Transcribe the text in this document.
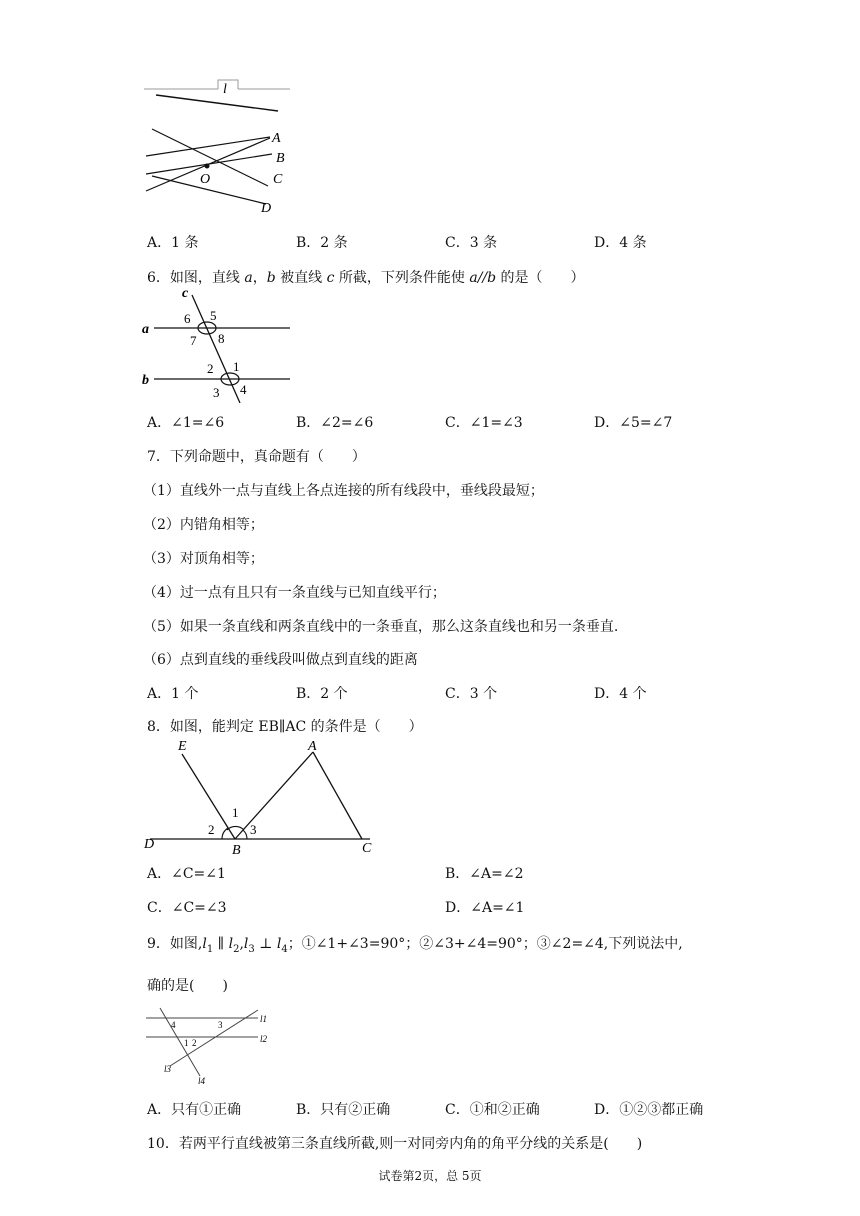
l
A
B
C
D
O
A．1 条	B．2 条	C．3 条	D．4 条
6．如图，直线 a，b 被直线 c 所截，下列条件能使 a//b 的是（　　）
a
b
c
5
6
7 8
1
2
3 4
A．∠1=∠6	B．∠2=∠6	C．∠1=∠3	D．∠5=∠7
7．下列命题中，真命题有（　　）
（1）直线外一点与直线上各点连接的所有线段中，垂线段最短；
（2）内错角相等；
（3）对顶角相等；
（4）过一点有且只有一条直线与已知直线平行；
（5）如果一条直线和两条直线中的一条垂直，那么这条直线也和另一条垂直.
（6）点到直线的垂线段叫做点到直线的距离
A．1 个	B．2 个	C．3 个	D．4 个
8．如图，能判定 EB∥AC 的条件是（　　）
E	A
D	B	C
1
2	3
A．∠C=∠1	B．∠A=∠2
C．∠C=∠3	D．∠A=∠1
9．如图$,l_1$ ∥ $l_2,l_3$ ⊥ $l_4$；①∠1+∠3=90°；②∠3+∠4=90°；③∠2=∠4,下列说法中,
确的是(　　)
4	3
1 2
l1
l2
l3
l4
A．只有①正确	B．只有②正确	C．①和②正确	D．①②③都正确
10．若两平行直线被第三条直线所截,则一对同旁内角的角平分线的关系是(　　)
试卷第2页，总 5页
